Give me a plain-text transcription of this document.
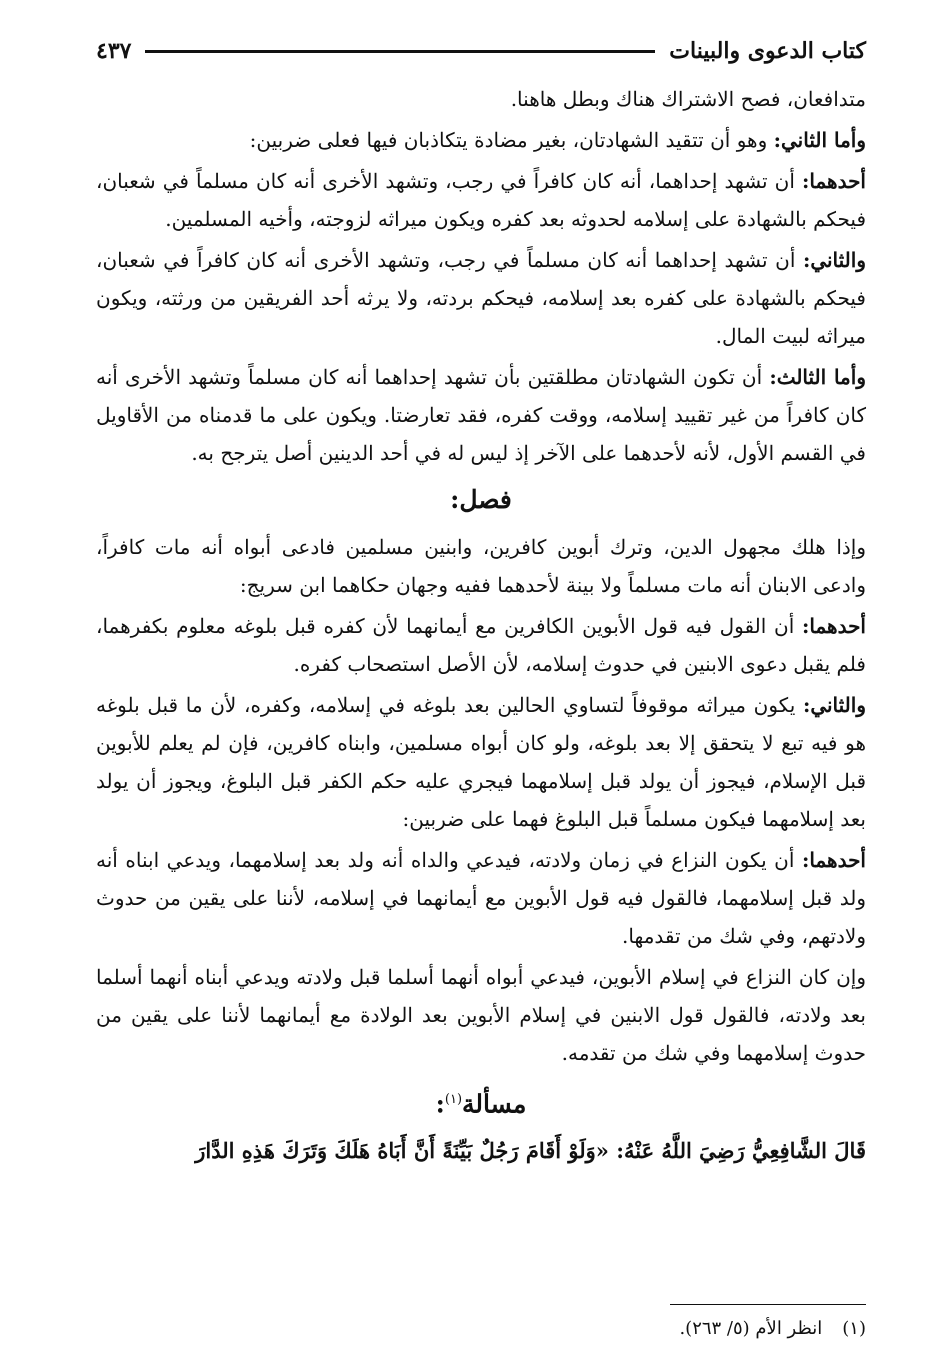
كتاب الدعوى والبينات
٤٣٧

متدافعان، فصح الاشتراك هناك وبطل هاهنا.

وأما الثاني: وهو أن تتقيد الشهادتان، بغير مضادة يتكاذبان فيها فعلى ضربين:

أحدهما: أن تشهد إحداهما، أنه كان كافراً في رجب، وتشهد الأخرى أنه كان مسلماً في شعبان، فيحكم بالشهادة على إسلامه لحدوثه بعد كفره ويكون ميراثه لزوجته، وأخيه المسلمين.

والثاني: أن تشهد إحداهما أنه كان مسلماً في رجب، وتشهد الأخرى أنه كان كافراً في شعبان، فيحكم بالشهادة على كفره بعد إسلامه، فيحكم بردته، ولا يرثه أحد الفريقين من ورثته، ويكون ميراثه لبيت المال.

وأما الثالث: أن تكون الشهادتان مطلقتين بأن تشهد إحداهما أنه كان مسلماً وتشهد الأخرى أنه كان كافراً من غير تقييد إسلامه، ووقت كفره، فقد تعارضتا. ويكون على ما قدمناه من الأقاويل في القسم الأول، لأنه لأحدهما على الآخر إذ ليس له في أحد الدينين أصل يترجح به.

فصل:

وإذا هلك مجهول الدين، وترك أبوين كافرين، وابنين مسلمين فادعى أبواه أنه مات كافراً، وادعى الابنان أنه مات مسلماً ولا بينة لأحدهما ففيه وجهان حكاهما ابن سريج:

أحدهما: أن القول فيه قول الأبوين الكافرين مع أيمانهما لأن كفره قبل بلوغه معلوم بكفرهما، فلم يقبل دعوى الابنين في حدوث إسلامه، لأن الأصل استصحاب كفره.

والثاني: يكون ميراثه موقوفاً لتساوي الحالين بعد بلوغه في إسلامه، وكفره، لأن ما قبل بلوغه هو فيه تبع لا يتحقق إلا بعد بلوغه، ولو كان أبواه مسلمين، وابناه كافرين، فإن لم يعلم للأبوين قبل الإسلام، فيجوز أن يولد قبل إسلامهما فيجري عليه حكم الكفر قبل البلوغ، ويجوز أن يولد بعد إسلامهما فيكون مسلماً قبل البلوغ فهما على ضربين:

أحدهما: أن يكون النزاع في زمان ولادته، فيدعي والداه أنه ولد بعد إسلامهما، ويدعي ابناه أنه ولد قبل إسلامهما، فالقول فيه قول الأبوين مع أيمانهما في إسلامه، لأننا على يقين من حدوث ولادتهم، وفي شك من تقدمها.

وإن كان النزاع في إسلام الأبوين، فيدعي أبواه أنهما أسلما قبل ولادته ويدعي أبناه أنهما أسلما بعد ولادته، فالقول قول الابنين في إسلام الأبوين بعد الولادة مع أيمانهما لأننا على يقين من حدوث إسلامهما وفي شك من تقدمه.

مسألة$^{(١)}$:

قَالَ الشَّافِعِيُّ رَضِيَ اللَّهُ عَنْهُ: «وَلَوْ أَقَامَ رَجُلٌ بَيِّنَةً أَنَّ أَبَاهُ هَلَكَ وَتَرَكَ هَذِهِ الدَّارَ

(١)انظر الأم (٥/ ٢٦٣).
